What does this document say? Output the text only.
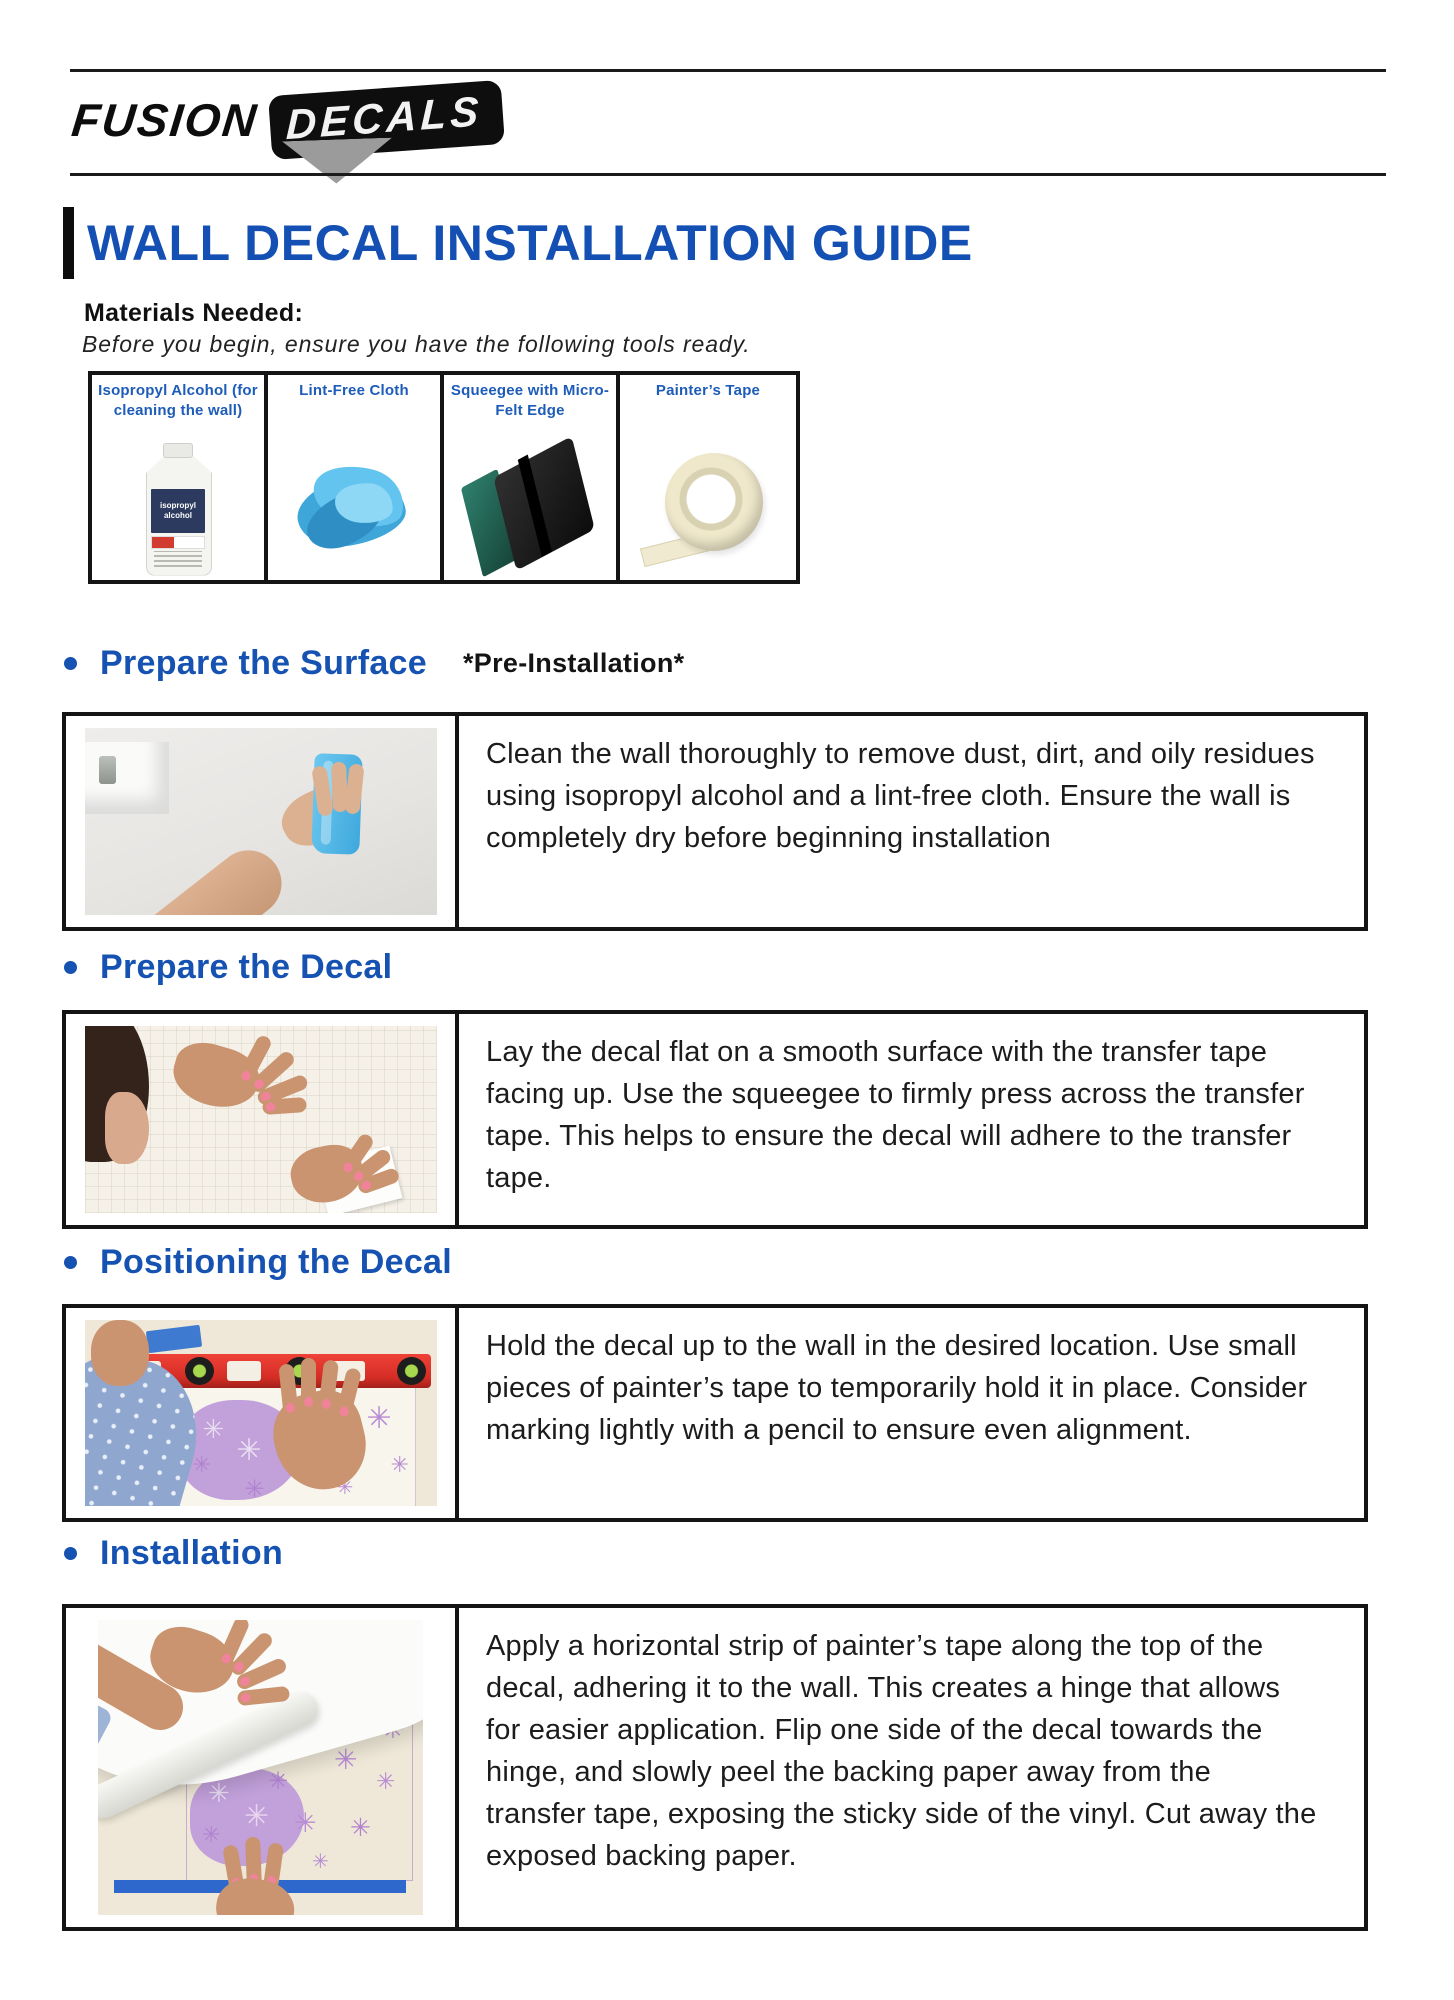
FUSION DECALS
WALL DECAL INSTALLATION GUIDE
Materials Needed:
Before you begin, ensure you have the following tools ready.
Isopropyl Alcohol (for cleaning the wall)
isopropyl
alcohol
Lint-Free Cloth	Squeegee with Micro-Felt Edge
Painter’s Tape
Prepare the Surface *Pre-Installation*
Clean the wall thoroughly to remove dust, dirt, and oily residues using isopropyl alcohol and a lint-free cloth. Ensure the wall is completely dry before beginning installation
Prepare the Decal
Lay the decal flat on a smooth surface with the transfer tape facing up. Use the squeegee to firmly press across the transfer tape. This helps to ensure the decal will adhere to the transfer tape.
Positioning the Decal
✳
✳
✳
✳
✳
✳
✳
✳
✳
Hold the decal up to the wall in the desired location. Use small pieces of painter’s tape to temporarily hold it in place. Consider marking lightly with a pencil to ensure even alignment.
Installation
✳
✳
✳
✳
✳
✳
✳
✳
✳
✳
Apply a horizontal strip of painter’s tape along the top of the decal, adhering it to the wall. This creates a hinge that allows for easier application. Flip one side of the decal towards the hinge, and slowly peel the backing paper away from the transfer tape, exposing the sticky side of the vinyl. Cut away the exposed backing paper.
